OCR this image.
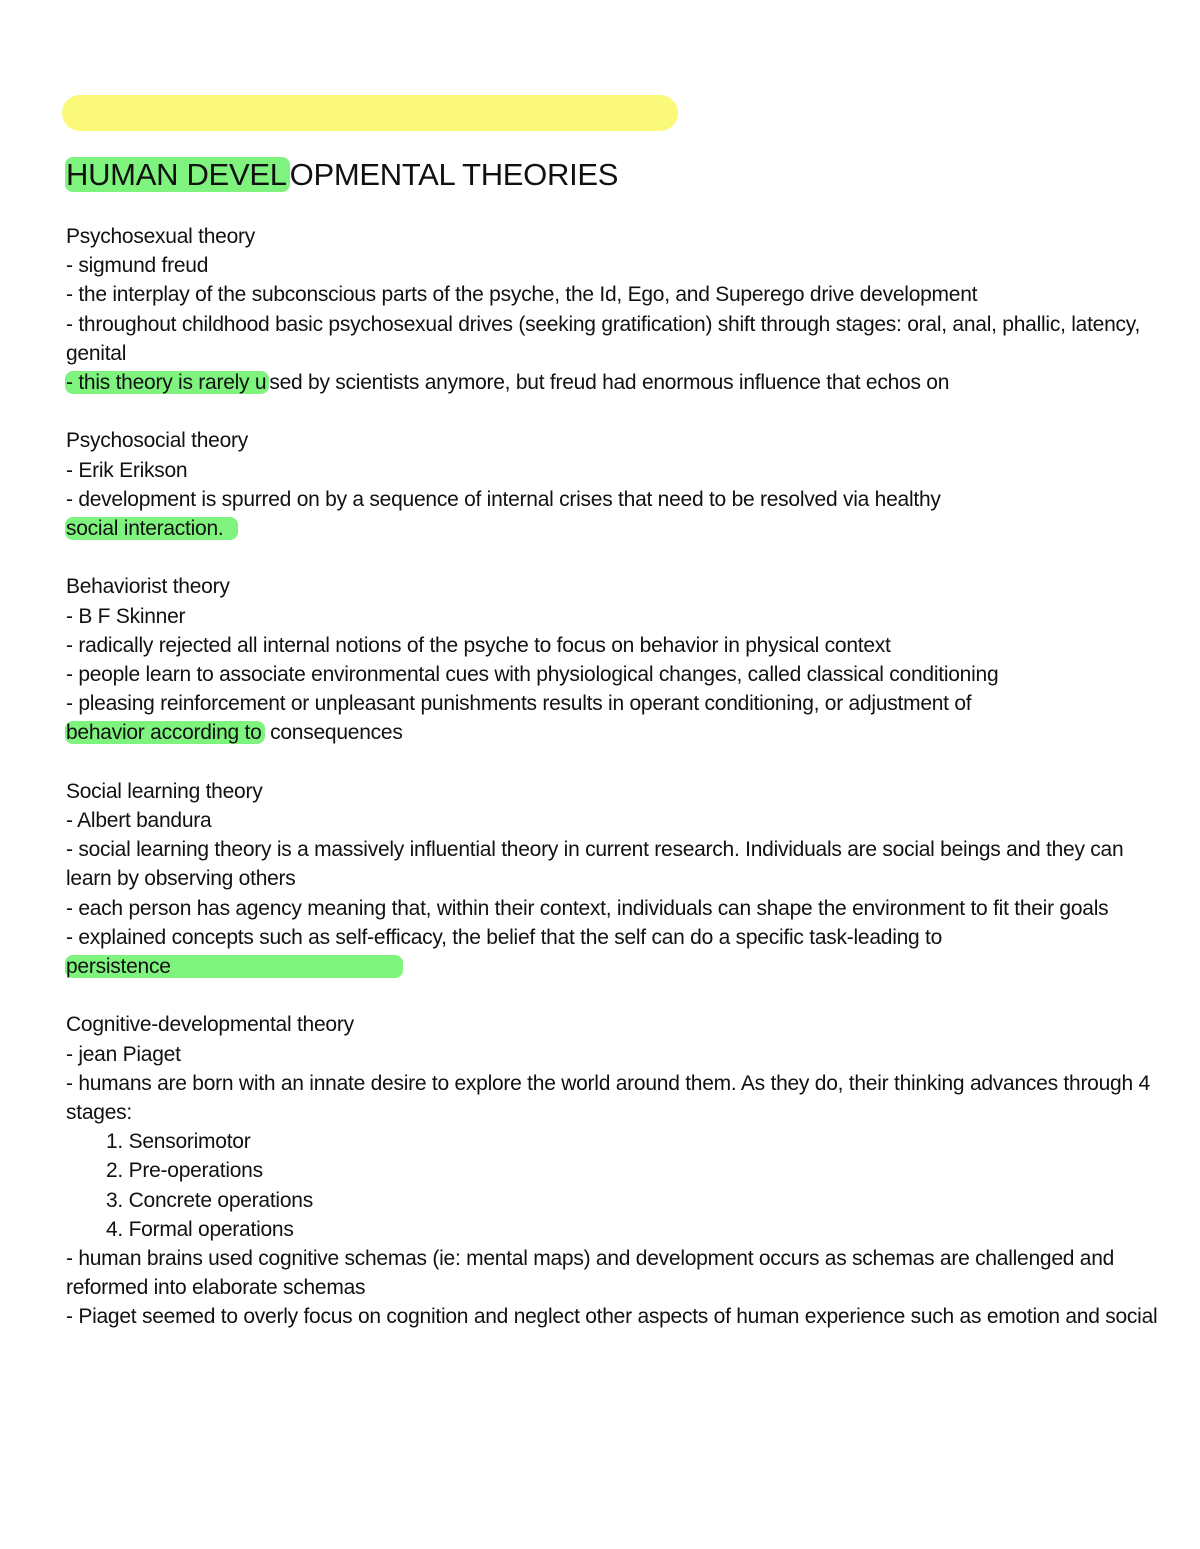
HUMAN DEVELOPMENTAL THEORIES
Psychosexual theory
- sigmund freud
- the interplay of the subconscious parts of the psyche, the Id, Ego, and Superego drive development
- throughout childhood basic psychosexual drives (seeking gratification) shift through stages: oral, anal, phallic, latency, genital
- this theory is rarely u sed by scientists anymore, but freud had enormous influence that echos on
Psychosocial theory
- Erik Erikson
- development is spurred on by a sequence of internal crises that need to be resolved via healthy
social interaction.
Behaviorist theory
- B F Skinner
- radically rejected all internal notions of the psyche to focus on behavior in physical context
- people learn to associate environmental cues with physiological changes, called classical conditioning
- pleasing reinforcement or unpleasant punishments results in operant conditioning, or adjustment of
behavior according to consequences
Social learning theory
- Albert bandura
- social learning theory is a massively influential theory in current research. Individuals are social beings and they can learn by observing others
- each person has agency meaning that, within their context, individuals can shape the environment to fit their goals
- explained concepts such as self-efficacy, the belief that the self can do a specific task-leading to
persistence
Cognitive-developmental theory
- jean Piaget
- humans are born with an innate desire to explore the world around them. As they do, their thinking advances through 4 stages:
1. Sensorimotor
2. Pre-operations
3. Concrete operations
4. Formal operations
- human brains used cognitive schemas (ie: mental maps) and development occurs as schemas are challenged and reformed into elaborate schemas
- Piaget seemed to overly focus on cognition and neglect other aspects of human experience such as emotion and social
